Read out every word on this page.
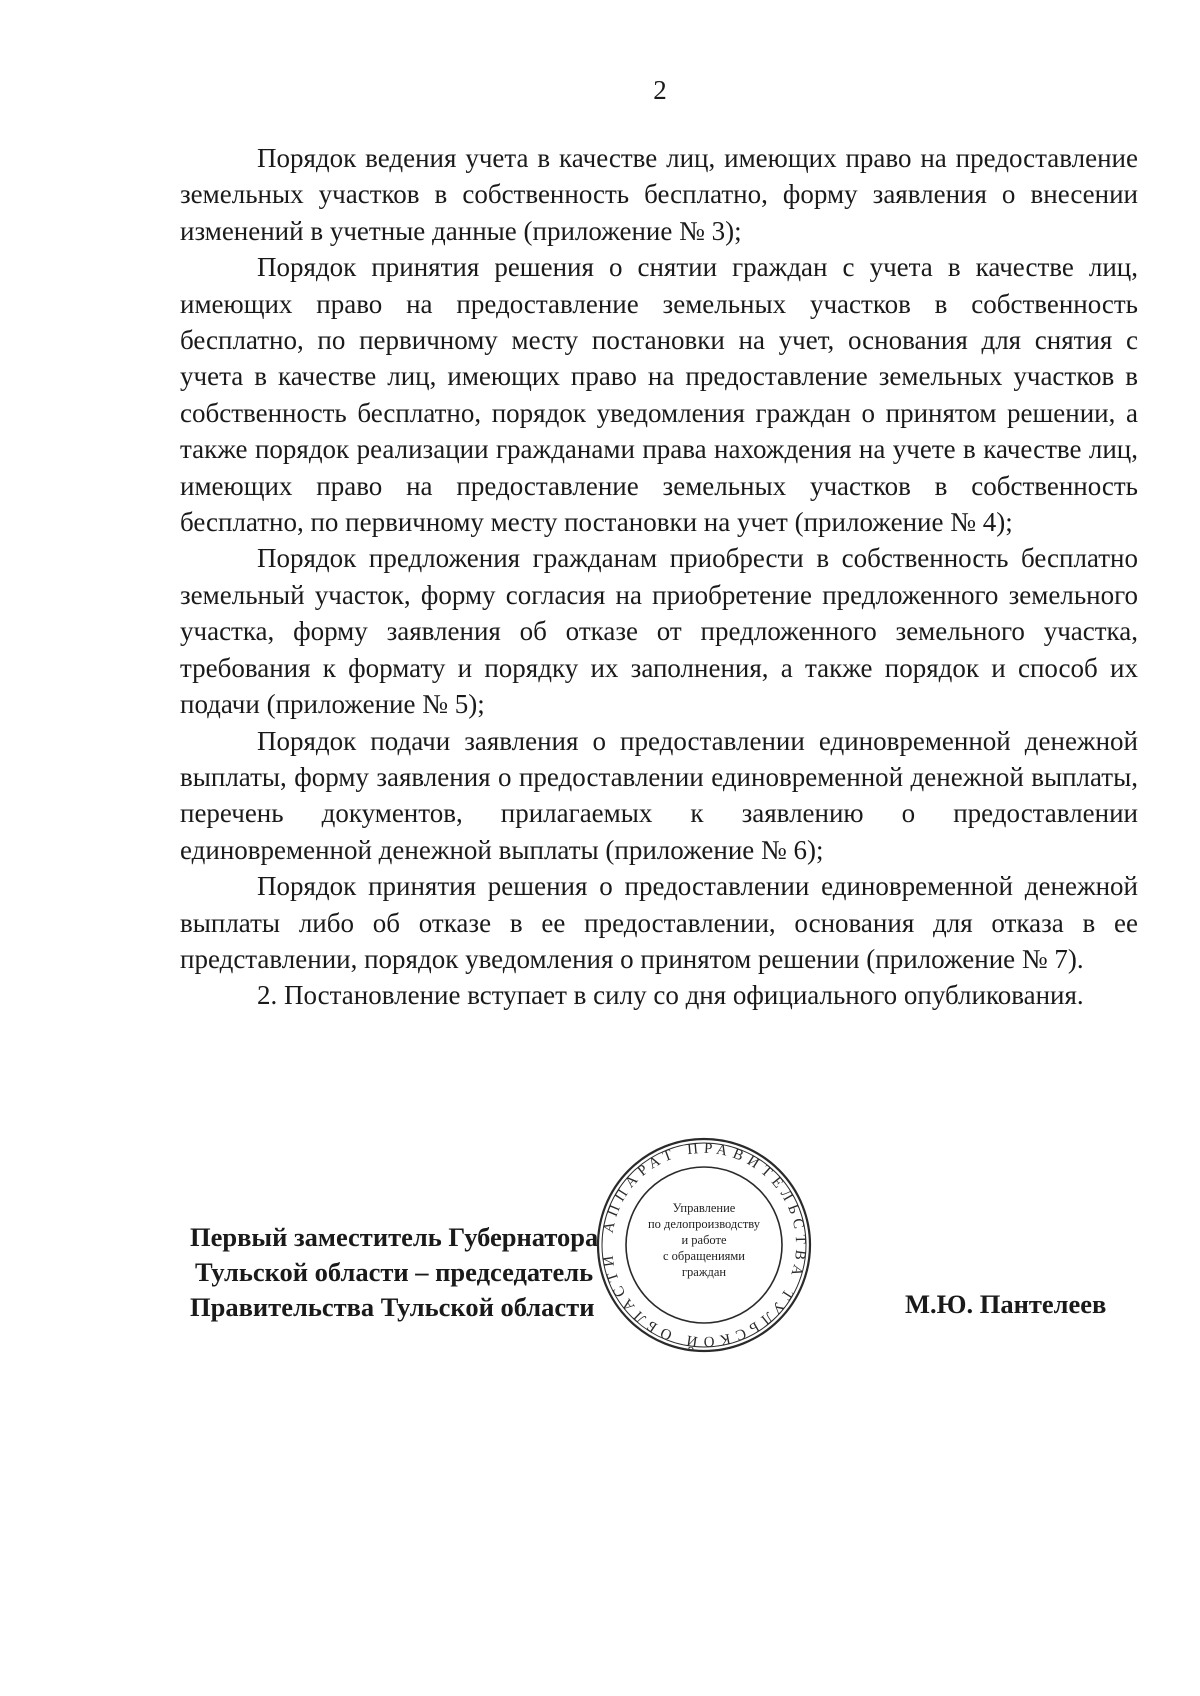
2

Порядок ведения учета в качестве лиц, имеющих право на предоставление земельных участков в собственность бесплатно, форму заявления о внесении изменений в учетные данные (приложение № 3);

Порядок принятия решения о снятии граждан с учета в качестве лиц, имеющих право на предоставление земельных участков в собственность бесплатно, по первичному месту постановки на учет, основания для снятия с учета в качестве лиц, имеющих право на предоставление земельных участков в собственность бесплатно, порядок уведомления граждан о принятом решении, а также порядок реализации гражданами права нахождения на учете в качестве лиц, имеющих право на предоставление земельных участков в собственность бесплатно, по первичному месту постановки на учет (приложение № 4);

Порядок предложения гражданам приобрести в собственность бесплатно земельный участок, форму согласия на приобретение предложенного земельного участка, форму заявления об отказе от предложенного земельного участка, требования к формату и порядку их заполнения, а также порядок и способ их подачи (приложение № 5);

Порядок подачи заявления о предоставлении единовременной денежной выплаты, форму заявления о предоставлении единовременной денежной выплаты, перечень документов, прилагаемых к заявлению о предоставлении единовременной денежной выплаты (приложение № 6);

Порядок принятия решения о предоставлении единовременной денежной выплаты либо об отказе в ее предоставлении, основания для отказа в ее представлении, порядок уведомления о принятом решении (приложение № 7).

2. Постановление вступает в силу со дня официального опубликования.

Первый заместитель Губернатора
Тульской области – председатель
Правительства Тульской области	М.Ю. Пантелеев
АППАРАТ ПРАВИТЕЛЬСТВА ТУЛЬСКОЙ ОБЛАСТИ
Управление
по делопроизводству
и работе
с обращениями
граждан
